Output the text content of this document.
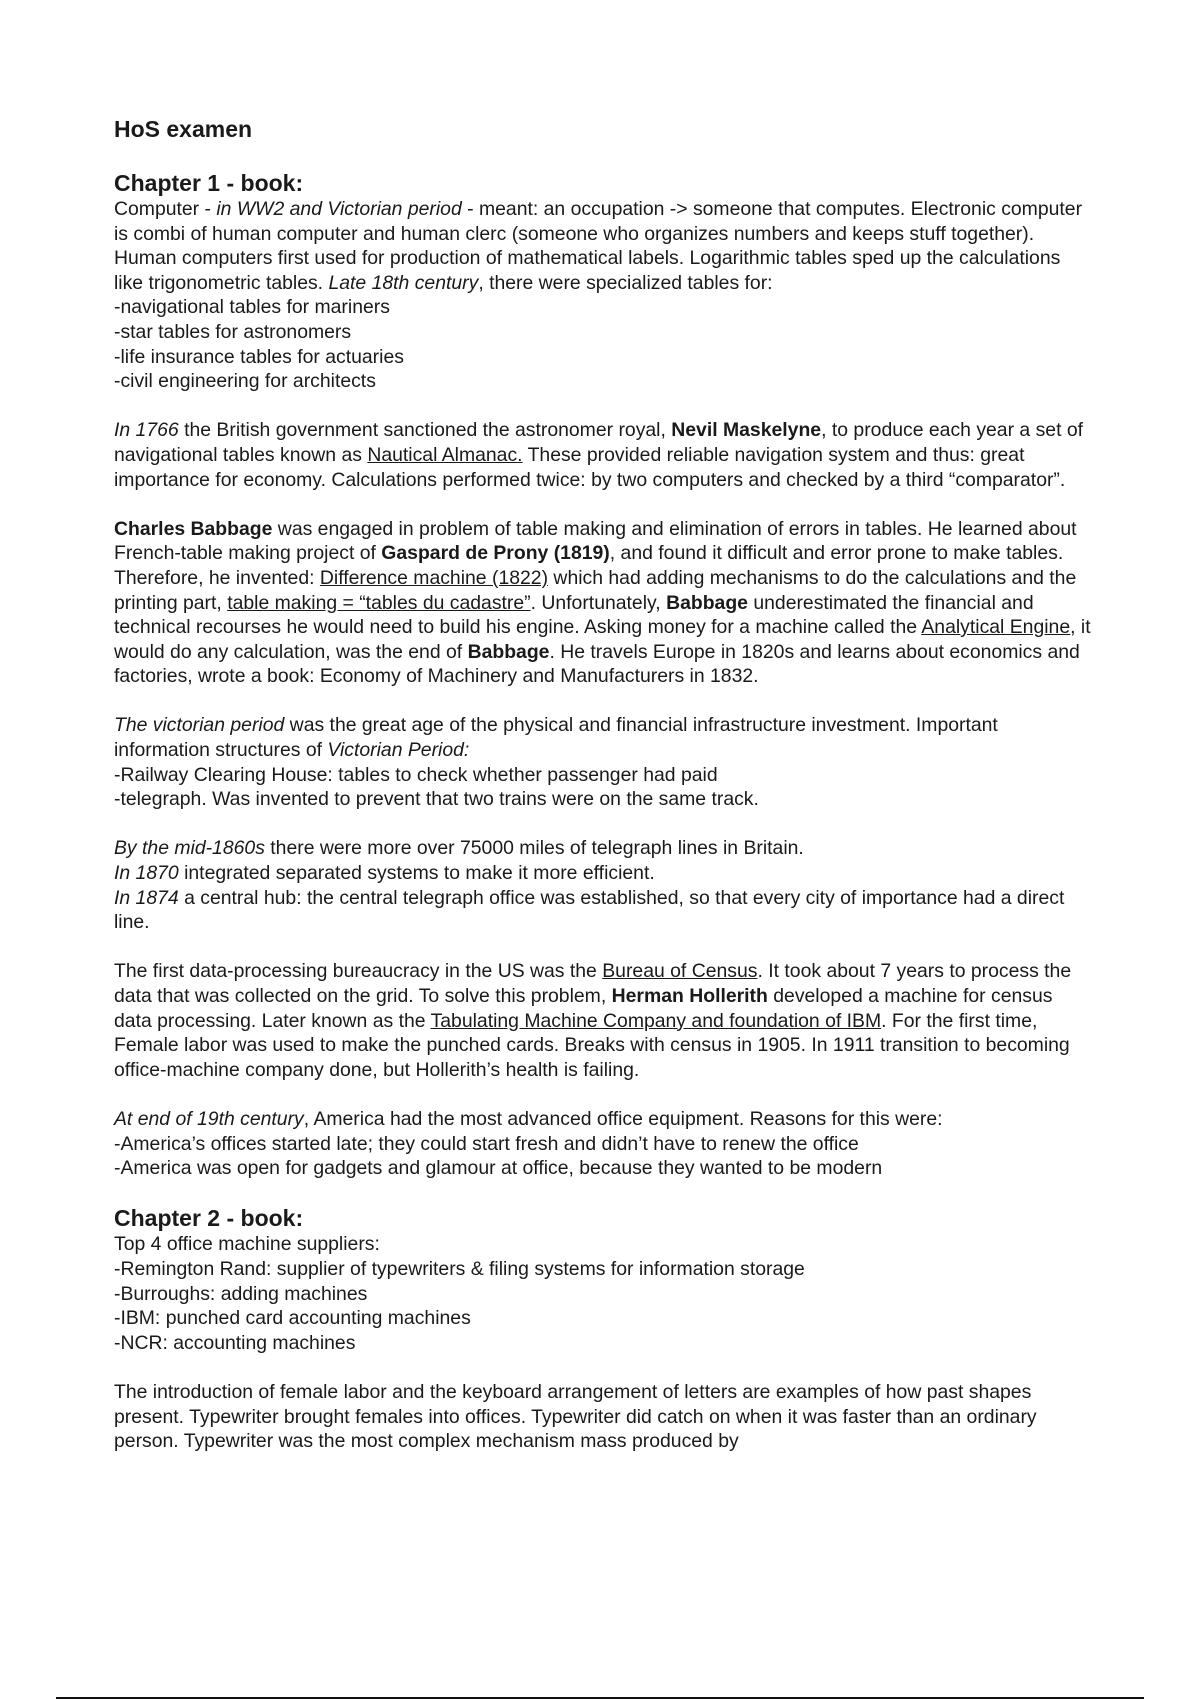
HoS examen
Chapter 1 - book:

Computer - in WW2 and Victorian period - meant: an occupation -> someone that computes. Electronic computer is combi of human computer and human clerc (someone who organizes numbers and keeps stuff together). Human computers first used for production of mathematical labels. Logarithmic tables sped up the calculations like trigonometric tables. Late 18th century, there were specialized tables for:

-navigational tables for mariners
-star tables for astronomers
-life insurance tables for actuaries
-civil engineering for architects

In 1766 the British government sanctioned the astronomer royal, Nevil Maskelyne, to produce each year a set of navigational tables known as Nautical Almanac. These provided reliable navigation system and thus: great importance for economy. Calculations performed twice: by two computers and checked by a third “comparator”.

Charles Babbage was engaged in problem of table making and elimination of errors in tables. He learned about French-table making project of Gaspard de Prony (1819), and found it difficult and error prone to make tables. Therefore, he invented: Difference machine (1822) which had adding mechanisms to do the calculations and the printing part, table making = “tables du cadastre”. Unfortunately, Babbage underestimated the financial and technical recourses he would need to build his engine. Asking money for a machine called the Analytical Engine, it would do any calculation, was the end of Babbage. He travels Europe in 1820s and learns about economics and factories, wrote a book: Economy of Machinery and Manufacturers in 1832.

The victorian period was the great age of the physical and financial infrastructure investment. Important information structures of Victorian Period:

-Railway Clearing House: tables to check whether passenger had paid
-telegraph. Was invented to prevent that two trains were on the same track.

By the mid-1860s there were more over 75000 miles of telegraph lines in Britain.

In 1870 integrated separated systems to make it more efficient.

In 1874 a central hub: the central telegraph office was established, so that every city of importance had a direct line.

The first data-processing bureaucracy in the US was the Bureau of Census. It took about 7 years to process the data that was collected on the grid. To solve this problem, Herman Hollerith developed a machine for census data processing. Later known as the Tabulating Machine Company and foundation of IBM. For the first time, Female labor was used to make the punched cards. Breaks with census in 1905. In 1911 transition to becoming office-machine company done, but Hollerith’s health is failing.

At end of 19th century, America had the most advanced office equipment. Reasons for this were:

-America’s offices started late; they could start fresh and didn’t have to renew the office
-America was open for gadgets and glamour at office, because they wanted to be modern
Chapter 2 - book:

Top 4 office machine suppliers:

-Remington Rand: supplier of typewriters & filing systems for information storage
-Burroughs: adding machines
-IBM: punched card accounting machines
-NCR: accounting machines

The introduction of female labor and the keyboard arrangement of letters are examples of how past shapes present. Typewriter brought females into offices. Typewriter did catch on when it was faster than an ordinary person. Typewriter was the most complex mechanism mass produced by
